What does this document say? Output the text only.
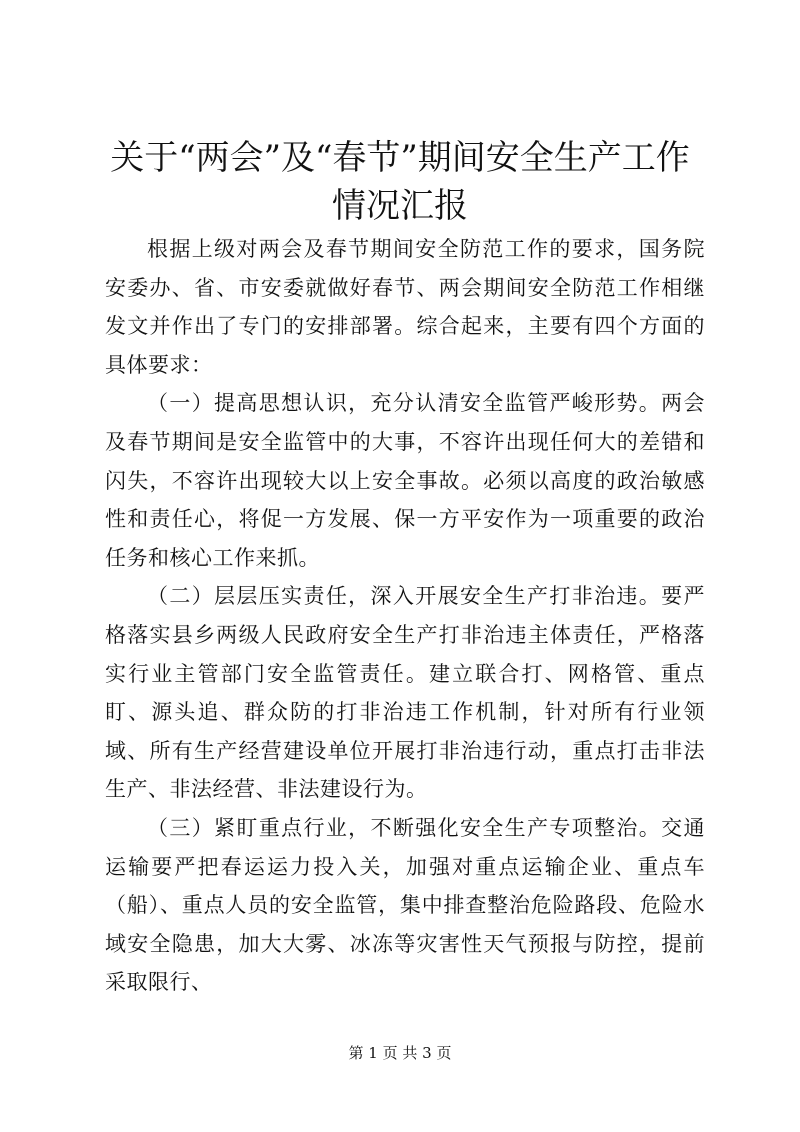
关于“两会”及“春节”期间安全生产工作情况汇报

根据上级对两会及春节期间安全防范工作的要求，国务院安委办、省、市安委就做好春节、两会期间安全防范工作相继发文并作出了专门的安排部署。综合起来，主要有四个方面的具体要求：

（一）提高思想认识，充分认清安全监管严峻形势。两会及春节期间是安全监管中的大事，不容许出现任何大的差错和闪失，不容许出现较大以上安全事故。必须以高度的政治敏感性和责任心，将促一方发展、保一方平安作为一项重要的政治任务和核心工作来抓。

（二）层层压实责任，深入开展安全生产打非治违。要严格落实县乡两级人民政府安全生产打非治违主体责任，严格落实行业主管部门安全监管责任。建立联合打、网格管、重点盯、源头追、群众防的打非治违工作机制，针对所有行业领域、所有生产经营建设单位开展打非治违行动，重点打击非法生产、非法经营、非法建设行为。

（三）紧盯重点行业，不断强化安全生产专项整治。交通运输要严把春运运力投入关，加强对重点运输企业、重点车（船）、重点人员的安全监管，集中排查整治危险路段、危险水域安全隐患，加大大雾、冰冻等灾害性天气预报与防控，提前采取限行、

第 1 页 共 3 页
